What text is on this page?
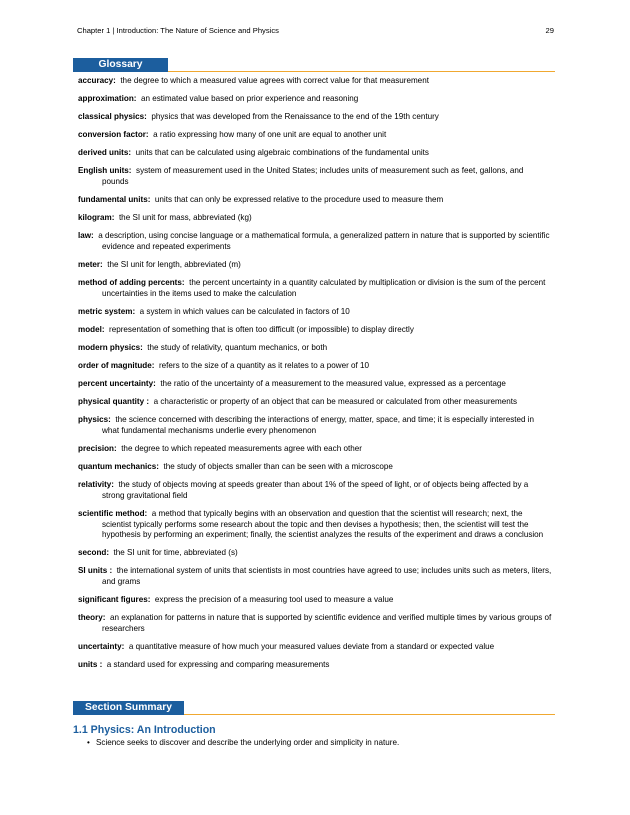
Chapter 1 | Introduction: The Nature of Science and Physics	29
Glossary
accuracy: the degree to which a measured value agrees with correct value for that measurement
approximation: an estimated value based on prior experience and reasoning
classical physics: physics that was developed from the Renaissance to the end of the 19th century
conversion factor: a ratio expressing how many of one unit are equal to another unit
derived units: units that can be calculated using algebraic combinations of the fundamental units
English units: system of measurement used in the United States; includes units of measurement such as feet, gallons, and pounds
fundamental units: units that can only be expressed relative to the procedure used to measure them
kilogram: the SI unit for mass, abbreviated (kg)
law: a description, using concise language or a mathematical formula, a generalized pattern in nature that is supported by scientific evidence and repeated experiments
meter: the SI unit for length, abbreviated (m)
method of adding percents: the percent uncertainty in a quantity calculated by multiplication or division is the sum of the percent uncertainties in the items used to make the calculation
metric system: a system in which values can be calculated in factors of 10
model: representation of something that is often too difficult (or impossible) to display directly
modern physics: the study of relativity, quantum mechanics, or both
order of magnitude: refers to the size of a quantity as it relates to a power of 10
percent uncertainty: the ratio of the uncertainty of a measurement to the measured value, expressed as a percentage
physical quantity : a characteristic or property of an object that can be measured or calculated from other measurements
physics: the science concerned with describing the interactions of energy, matter, space, and time; it is especially interested in what fundamental mechanisms underlie every phenomenon
precision: the degree to which repeated measurements agree with each other
quantum mechanics: the study of objects smaller than can be seen with a microscope
relativity: the study of objects moving at speeds greater than about 1% of the speed of light, or of objects being affected by a strong gravitational field
scientific method: a method that typically begins with an observation and question that the scientist will research; next, the scientist typically performs some research about the topic and then devises a hypothesis; then, the scientist will test the hypothesis by performing an experiment; finally, the scientist analyzes the results of the experiment and draws a conclusion
second: the SI unit for time, abbreviated (s)
SI units : the international system of units that scientists in most countries have agreed to use; includes units such as meters, liters, and grams
significant figures: express the precision of a measuring tool used to measure a value
theory: an explanation for patterns in nature that is supported by scientific evidence and verified multiple times by various groups of researchers
uncertainty: a quantitative measure of how much your measured values deviate from a standard or expected value
units : a standard used for expressing and comparing measurements
Section Summary
1.1 Physics: An Introduction
• Science seeks to discover and describe the underlying order and simplicity in nature.
